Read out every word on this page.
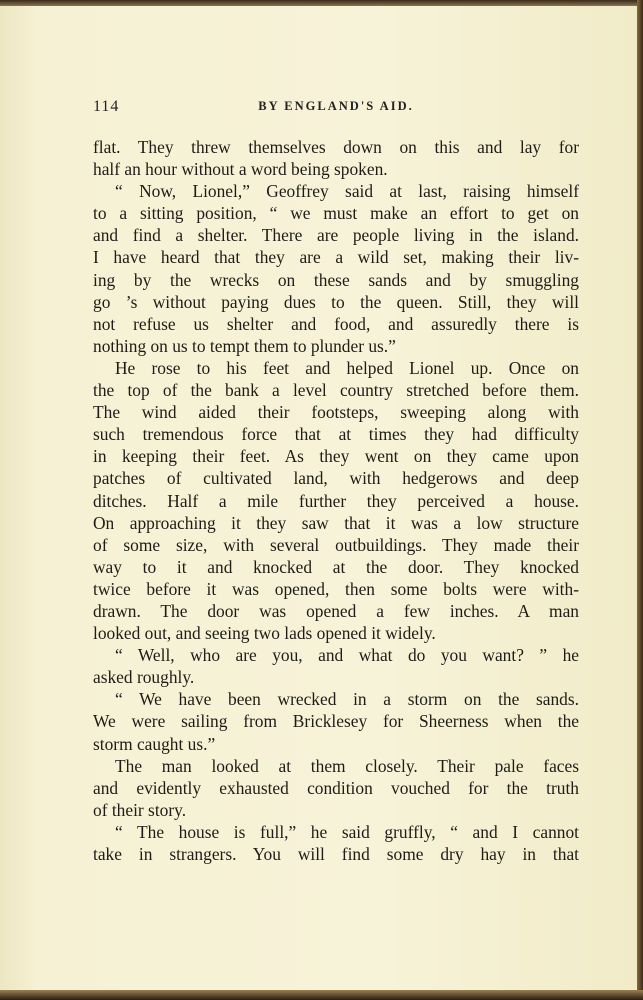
114	BY ENGLAND'S AID.
flat. They threw themselves down on this and lay for
half an hour without a word being spoken.
“ Now, Lionel,” Geoffrey said at last, raising himself
to a sitting position, “ we must make an effort to get on
and find a shelter. There are people living in the island.
I have heard that they are a wild set, making their liv-
ing by the wrecks on these sands and by smuggling
go ’s without paying dues to the queen. Still, they will
not refuse us shelter and food, and assuredly there is
nothing on us to tempt them to plunder us.”
He rose to his feet and helped Lionel up. Once on
the top of the bank a level country stretched before them.
The wind aided their footsteps, sweeping along with
such tremendous force that at times they had difficulty
in keeping their feet. As they went on they came upon
patches of cultivated land, with hedgerows and deep
ditches. Half a mile further they perceived a house.
On approaching it they saw that it was a low structure
of some size, with several outbuildings. They made their
way to it and knocked at the door. They knocked
twice before it was opened, then some bolts were with-
drawn. The door was opened a few inches. A man
looked out, and seeing two lads opened it widely.
“ Well, who are you, and what do you want? ” he
asked roughly.
“ We have been wrecked in a storm on the sands.
We were sailing from Bricklesey for Sheerness when the
storm caught us.”
The man looked at them closely. Their pale faces
and evidently exhausted condition vouched for the truth
of their story.
“ The house is full,” he said gruffly, “ and I cannot
take in strangers. You will find some dry hay in that
